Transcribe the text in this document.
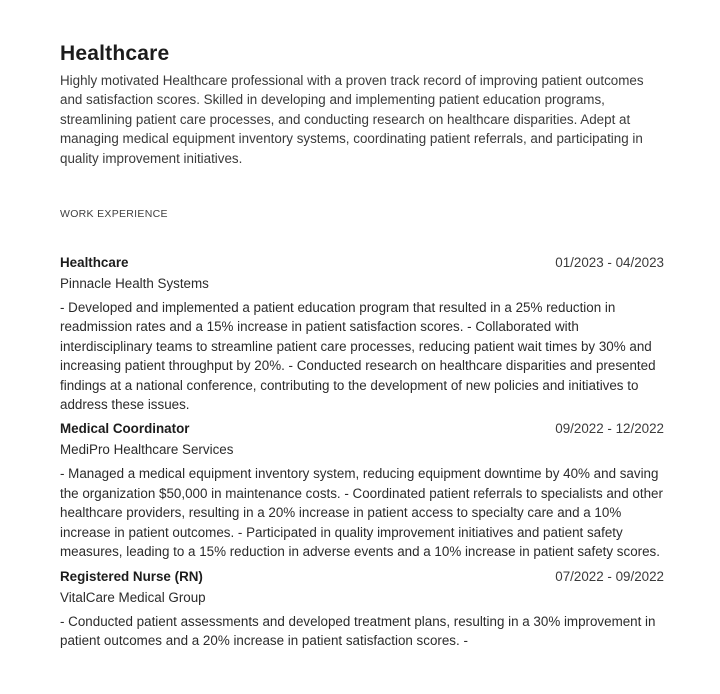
Healthcare

Highly motivated Healthcare professional with a proven track record of improving patient outcomes and satisfaction scores. Skilled in developing and implementing patient education programs, streamlining patient care processes, and conducting research on healthcare disparities. Adept at managing medical equipment inventory systems, coordinating patient referrals, and participating in quality improvement initiatives.

WORK EXPERIENCE
Healthcare	01/2023 - 04/2023
Pinnacle Health Systems
- Developed and implemented a patient education program that resulted in a 25% reduction in readmission rates and a 15% increase in patient satisfaction scores. - Collaborated with interdisciplinary teams to streamline patient care processes, reducing patient wait times by 30% and increasing patient throughput by 20%. - Conducted research on healthcare disparities and presented findings at a national conference, contributing to the development of new policies and initiatives to address these issues.
Medical Coordinator	09/2022 - 12/2022
MediPro Healthcare Services
- Managed a medical equipment inventory system, reducing equipment downtime by 40% and saving the organization $50,000 in maintenance costs. - Coordinated patient referrals to specialists and other healthcare providers, resulting in a 20% increase in patient access to specialty care and a 10% increase in patient outcomes. - Participated in quality improvement initiatives and patient safety measures, leading to a 15% reduction in adverse events and a 10% increase in patient safety scores.
Registered Nurse (RN)	07/2022 - 09/2022
VitalCare Medical Group
- Conducted patient assessments and developed treatment plans, resulting in a 30% improvement in patient outcomes and a 20% increase in patient satisfaction scores. -
